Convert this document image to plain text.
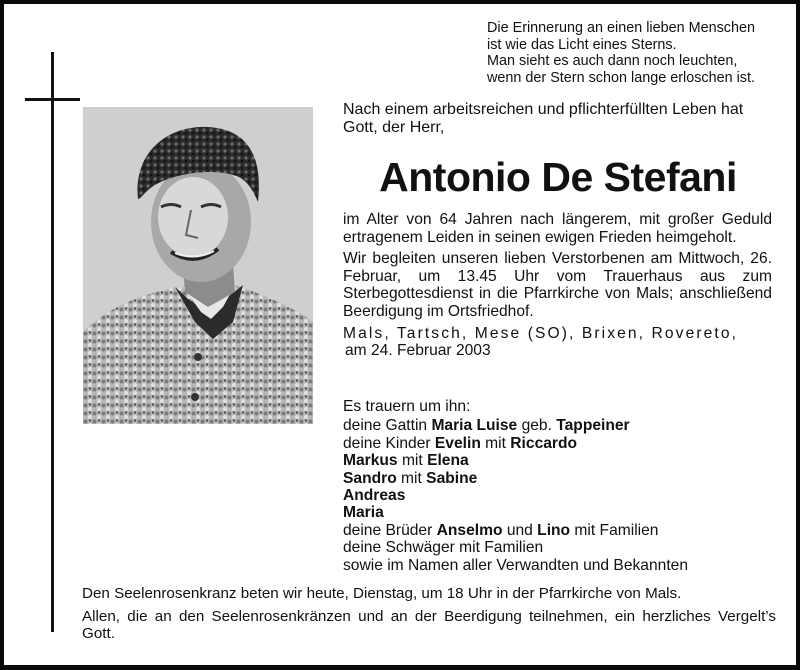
Die Erinnerung an einen lieben Menschen
ist wie das Licht eines Sterns.
Man sieht es auch dann noch leuchten,
wenn der Stern schon lange erloschen ist.
Nach einem arbeitsreichen und pflichterfüllten Leben hat
Gott, der Herr,
Antonio De Stefani

im Alter von 64 Jahren nach längerem, mit großer Geduld ertragenem Leiden in seinen ewigen Frieden heimgeholt.

Wir begleiten unseren lieben Verstorbenen am Mittwoch, 26. Februar, um 13.45 Uhr vom Trauerhaus aus zum Sterbegottesdienst in die Pfarrkirche von Mals; anschließend Beerdigung im Ortsfriedhof.

Mals, Tartsch, Mese (SO), Brixen, Rovereto,
am 24. Februar 2003
Es trauern um ihn:
deine Gattin Maria Luise geb. Tappeiner
deine Kinder Evelin mit Riccardo
Markus mit Elena
Sandro mit Sabine
Andreas
Maria
deine Brüder Anselmo und Lino mit Familien
deine Schwäger mit Familien
sowie im Namen aller Verwandten und Bekannten

Den Seelenrosenkranz beten wir heute, Dienstag, um 18 Uhr in der Pfarrkirche von Mals.

Allen, die an den Seelenrosenkränzen und an der Beerdigung teilnehmen, ein herzliches Vergelt’s Gott.
